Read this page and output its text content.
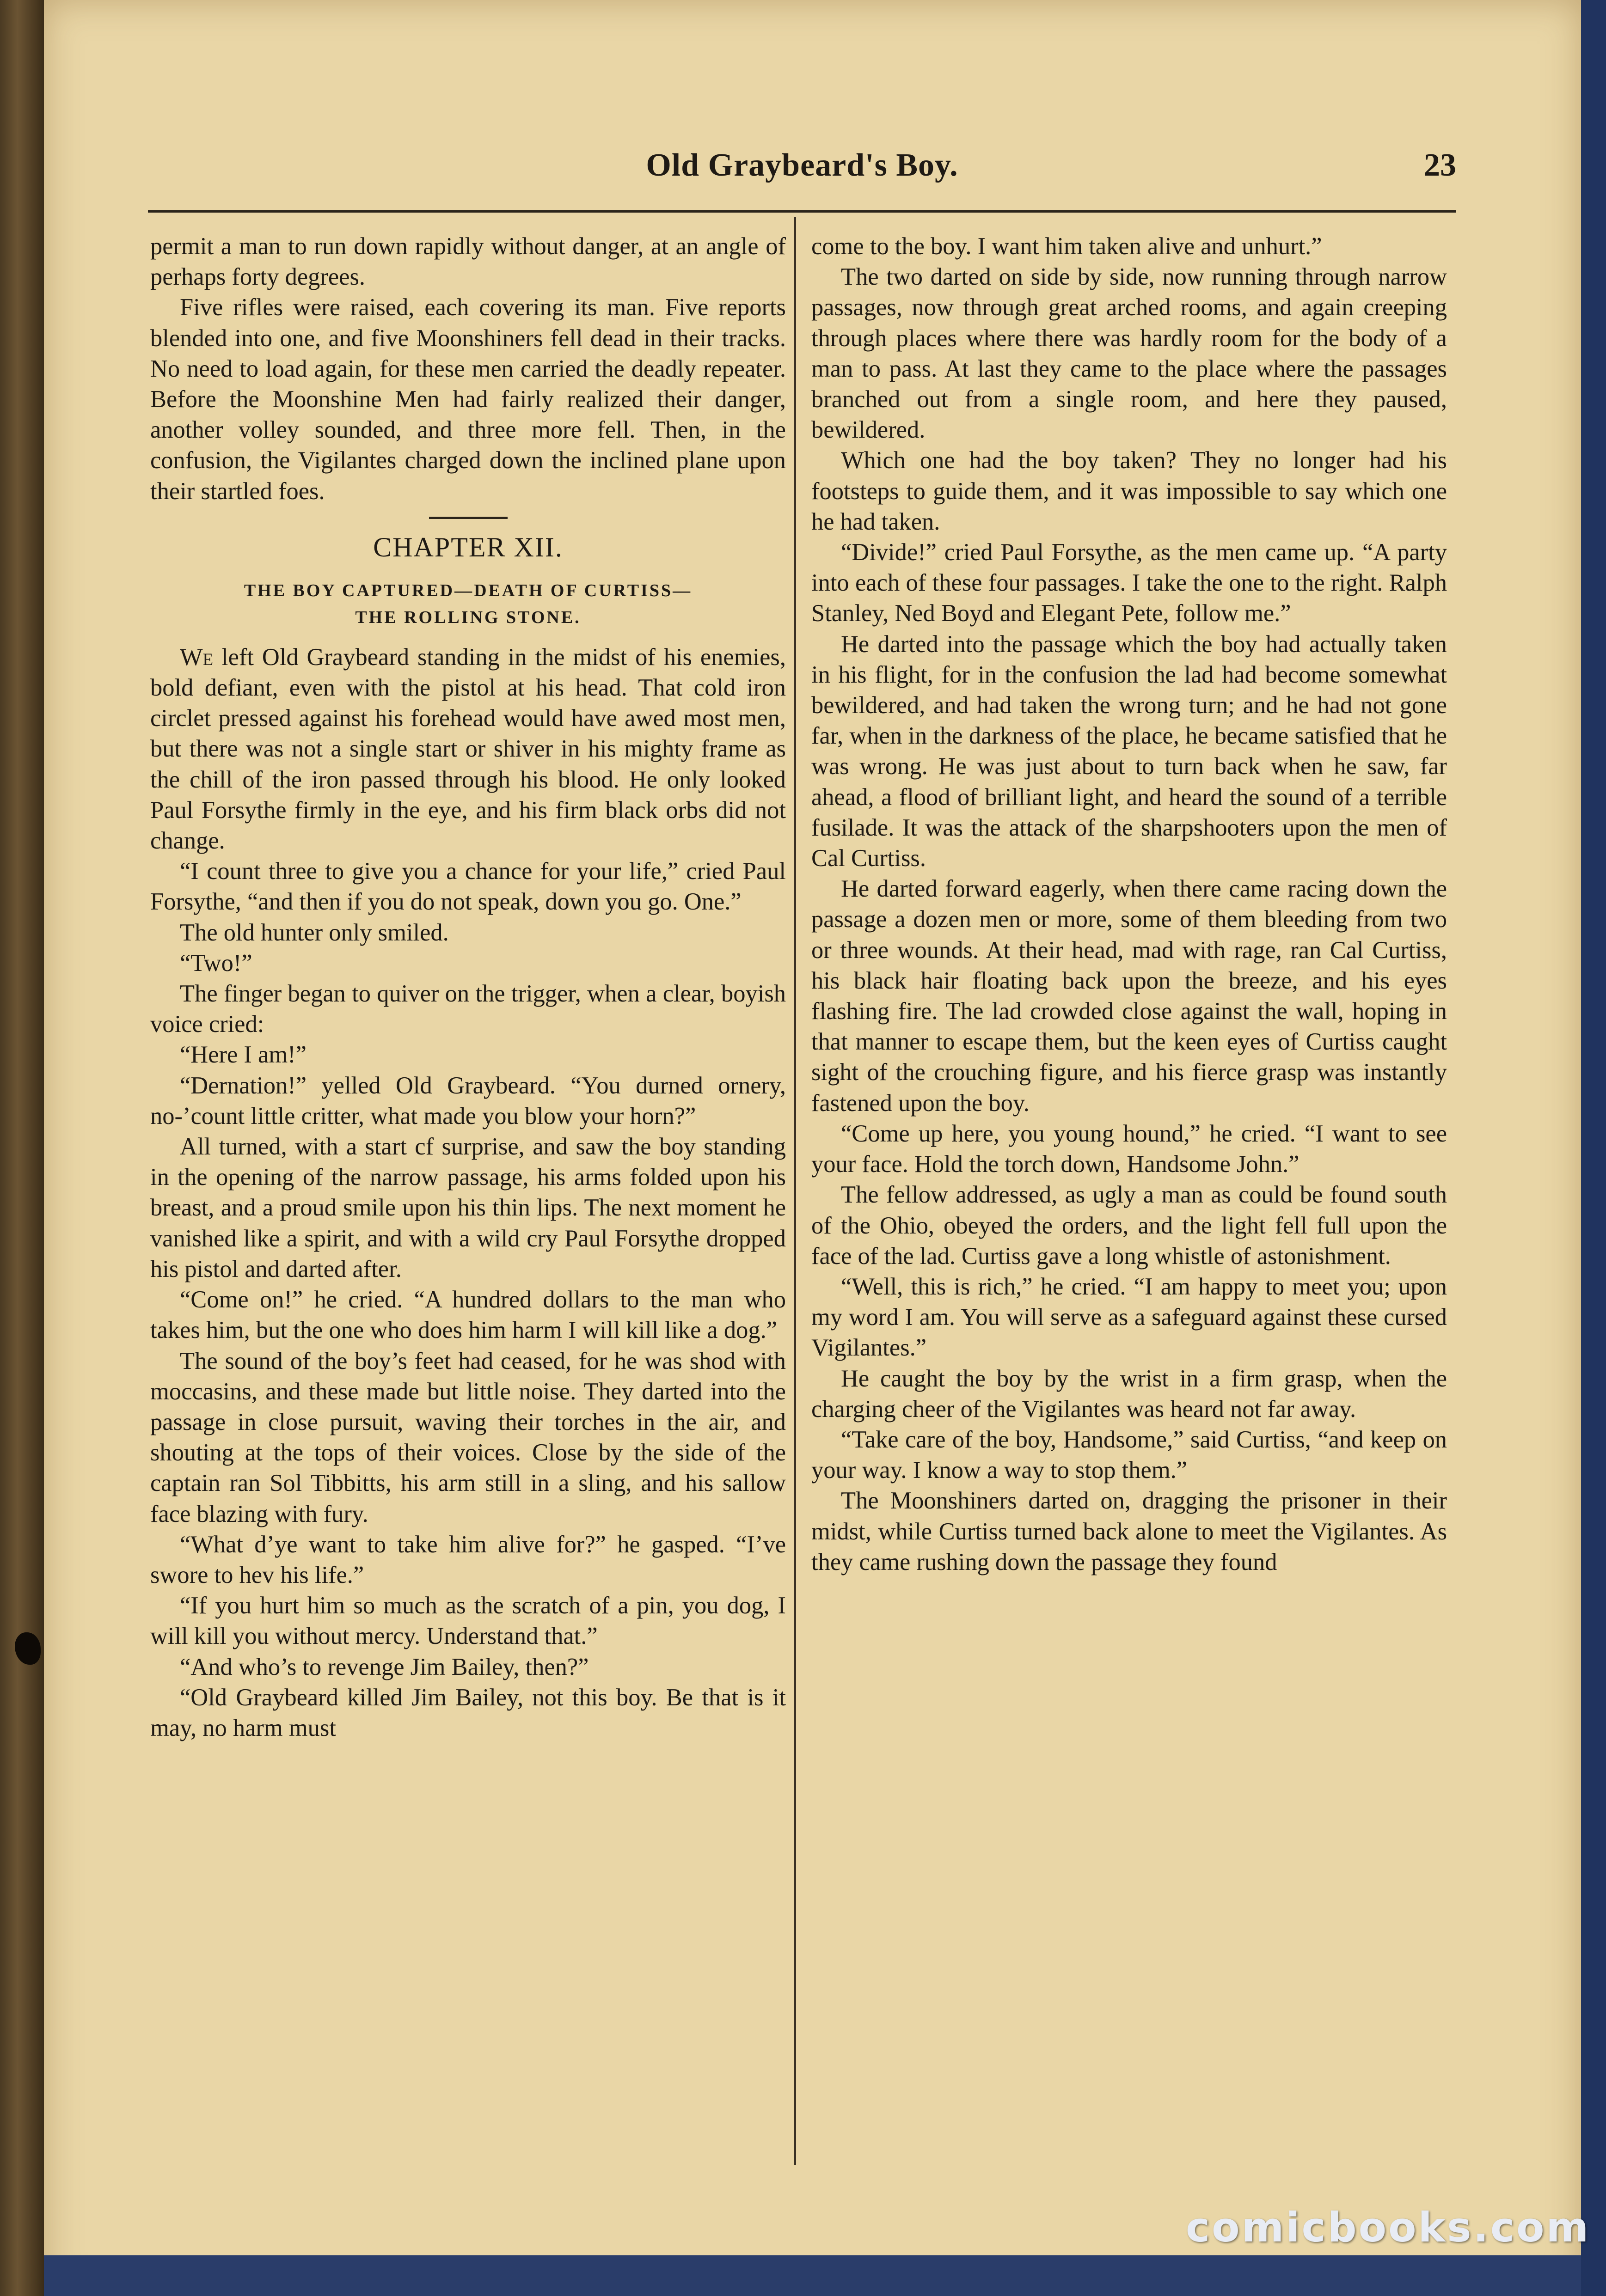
Old Graybeard's Boy.	23

permit a man to run down rapidly without danger, at an angle of perhaps forty degrees.

Five rifles were raised, each covering its man. Five reports blended into one, and five Moonshiners fell dead in their tracks. No need to load again, for these men carried the deadly repeater. Before the Moonshine Men had fairly realized their danger, another volley sounded, and three more fell. Then, in the confusion, the Vigilantes charged down the inclined plane upon their startled foes.

CHAPTER XII.
THE BOY CAPTURED—DEATH OF CURTISS—
THE ROLLING STONE.

We left Old Graybeard standing in the midst of his enemies, bold defiant, even with the pistol at his head. That cold iron circlet pressed against his forehead would have awed most men, but there was not a single start or shiver in his mighty frame as the chill of the iron passed through his blood. He only looked Paul Forsythe firmly in the eye, and his firm black orbs did not change.

“I count three to give you a chance for your life,” cried Paul Forsythe, “and then if you do not speak, down you go. One.”

The old hunter only smiled.

“Two!”

The finger began to quiver on the trigger, when a clear, boyish voice cried:

“Here I am!”

“Dernation!” yelled Old Graybeard. “You durned ornery, no-’count little critter, what made you blow your horn?”

All turned, with a start cf surprise, and saw the boy standing in the opening of the narrow passage, his arms folded upon his breast, and a proud smile upon his thin lips. The next moment he vanished like a spirit, and with a wild cry Paul Forsythe dropped his pistol and darted after.

“Come on!” he cried. “A hundred dollars to the man who takes him, but the one who does him harm I will kill like a dog.”

The sound of the boy’s feet had ceased, for he was shod with moccasins, and these made but little noise. They darted into the passage in close pursuit, waving their torches in the air, and shouting at the tops of their voices. Close by the side of the captain ran Sol Tibbitts, his arm still in a sling, and his sallow face blazing with fury.

“What d’ye want to take him alive for?” he gasped. “I’ve swore to hev his life.”

“If you hurt him so much as the scratch of a pin, you dog, I will kill you without mercy. Understand that.”

“And who’s to revenge Jim Bailey, then?”

“Old Graybeard killed Jim Bailey, not this boy. Be that is it may, no harm must

come to the boy. I want him taken alive and unhurt.”

The two darted on side by side, now running through narrow passages, now through great arched rooms, and again creeping through places where there was hardly room for the body of a man to pass. At last they came to the place where the passages branched out from a single room, and here they paused, bewildered.

Which one had the boy taken? They no longer had his footsteps to guide them, and it was impossible to say which one he had taken.

“Divide!” cried Paul Forsythe, as the men came up. “A party into each of these four passages. I take the one to the right. Ralph Stanley, Ned Boyd and Elegant Pete, follow me.”

He darted into the passage which the boy had actually taken in his flight, for in the confusion the lad had become somewhat bewildered, and had taken the wrong turn; and he had not gone far, when in the darkness of the place, he became satisfied that he was wrong. He was just about to turn back when he saw, far ahead, a flood of brilliant light, and heard the sound of a terrible fusilade. It was the attack of the sharpshooters upon the men of Cal Curtiss.

He darted forward eagerly, when there came racing down the passage a dozen men or more, some of them bleeding from two or three wounds. At their head, mad with rage, ran Cal Curtiss, his black hair floating back upon the breeze, and his eyes flashing fire. The lad crowded close against the wall, hoping in that manner to escape them, but the keen eyes of Curtiss caught sight of the crouching figure, and his fierce grasp was instantly fastened upon the boy.

“Come up here, you young hound,” he cried. “I want to see your face. Hold the torch down, Handsome John.”

The fellow addressed, as ugly a man as could be found south of the Ohio, obeyed the orders, and the light fell full upon the face of the lad. Curtiss gave a long whistle of astonishment.

“Well, this is rich,” he cried. “I am happy to meet you; upon my word I am. You will serve as a safeguard against these cursed Vigilantes.”

He caught the boy by the wrist in a firm grasp, when the charging cheer of the Vigilantes was heard not far away.

“Take care of the boy, Handsome,” said Curtiss, “and keep on your way. I know a way to stop them.”

The Moonshiners darted on, dragging the prisoner in their midst, while Curtiss turned back alone to meet the Vigilantes. As they came rushing down the passage they found

comicbooks.com
